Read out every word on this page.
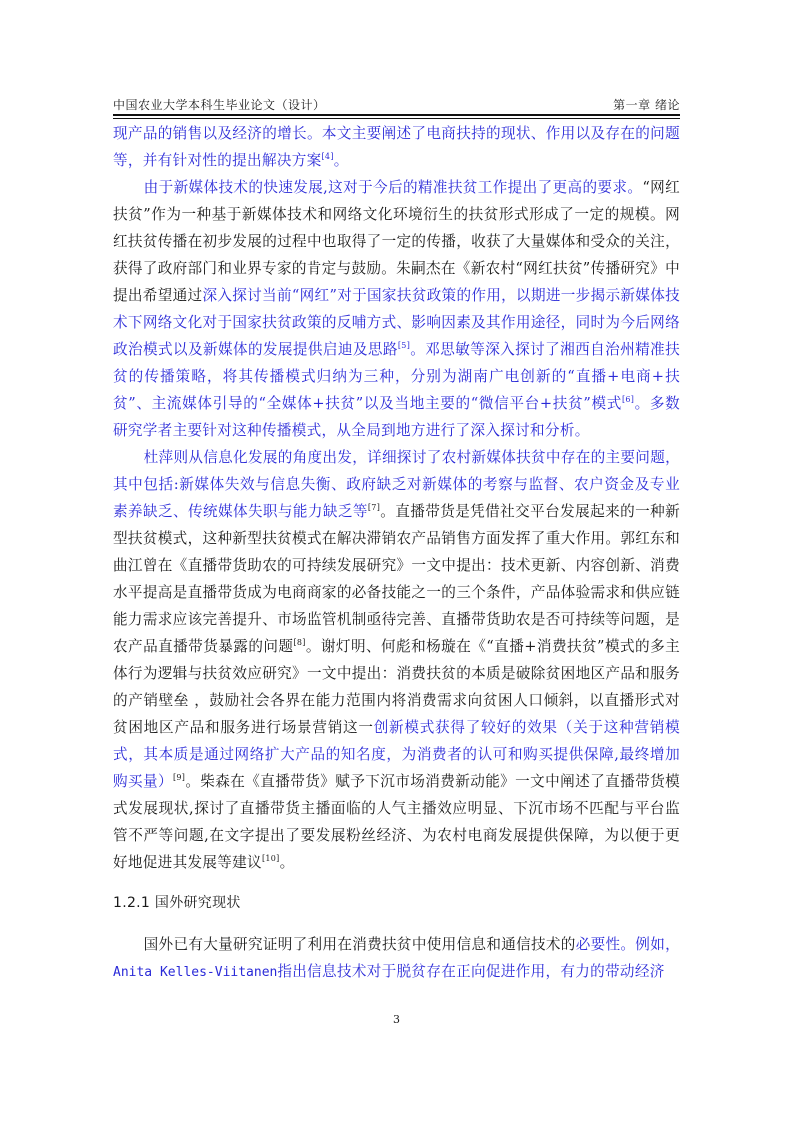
中国农业大学本科生毕业论文（设计）	第一章 绪论

现产品的销售以及经济的增长。本文主要阐述了电商扶持的现状、作用以及存在的问题等，并有针对性的提出解决方案[4]。

由于新媒体技术的快速发展,这对于今后的精准扶贫工作提出了更高的要求。“网红扶贫”作为一种基于新媒体技术和网络文化环境衍生的扶贫形式形成了一定的规模。网红扶贫传播在初步发展的过程中也取得了一定的传播，收获了大量媒体和受众的关注，获得了政府部门和业界专家的肯定与鼓励。朱嗣杰在《新农村“网红扶贫”传播研究》中提出希望通过深入探讨当前“网红”对于国家扶贫政策的作用，以期进一步揭示新媒体技术下网络文化对于国家扶贫政策的反哺方式、影响因素及其作用途径，同时为今后网络政治模式以及新媒体的发展提供启迪及思路[5]。邓思敏等深入探讨了湘西自治州精准扶贫的传播策略，将其传播模式归纳为三种，分别为湖南广电创新的“直播+电商+扶贫”、主流媒体引导的“全媒体+扶贫”以及当地主要的“微信平台+扶贫”模式[6]。多数研究学者主要针对这种传播模式，从全局到地方进行了深入探讨和分析。

杜萍则从信息化发展的角度出发，详细探讨了农村新媒体扶贫中存在的主要问题，其中包括:新媒体失效与信息失衡、政府缺乏对新媒体的考察与监督、农户资金及专业素养缺乏、传统媒体失职与能力缺乏等[7]。直播带货是凭借社交平台发展起来的一种新型扶贫模式，这种新型扶贫模式在解决滞销农产品销售方面发挥了重大作用。郭红东和曲江曾在《直播带货助农的可持续发展研究》一文中提出：技术更新、内容创新、消费水平提高是直播带货成为电商商家的必备技能之一的三个条件，产品体验需求和供应链能力需求应该完善提升、市场监管机制亟待完善、直播带货助农是否可持续等问题，是农产品直播带货暴露的问题[8]。谢灯明、何彪和杨璇在《“直播+消费扶贫”模式的多主体行为逻辑与扶贫效应研究》一文中提出：消费扶贫的本质是破除贫困地区产品和服务的产销壁垒 ，鼓励社会各界在能力范围内将消费需求向贫困人口倾斜，以直播形式对贫困地区产品和服务进行场景营销这一创新模式获得了较好的效果（关于这种营销模式，其本质是通过网络扩大产品的知名度，为消费者的认可和购买提供保障,最终增加购买量）[9]。柴森在《直播带货》赋予下沉市场消费新动能》一文中阐述了直播带货模式发展现状,探讨了直播带货主播面临的人气主播效应明显、下沉市场不匹配与平台监管不严等问题,在文字提出了要发展粉丝经济、为农村电商发展提供保障，为以便于更好地促进其发展等建议[10]。

1.2.1 国外研究现状

国外已有大量研究证明了利用在消费扶贫中使用信息和通信技术的必要性。例如，Anita Kelles-Viitanen指出信息技术对于脱贫存在正向促进作用，有力的带动经济

3
